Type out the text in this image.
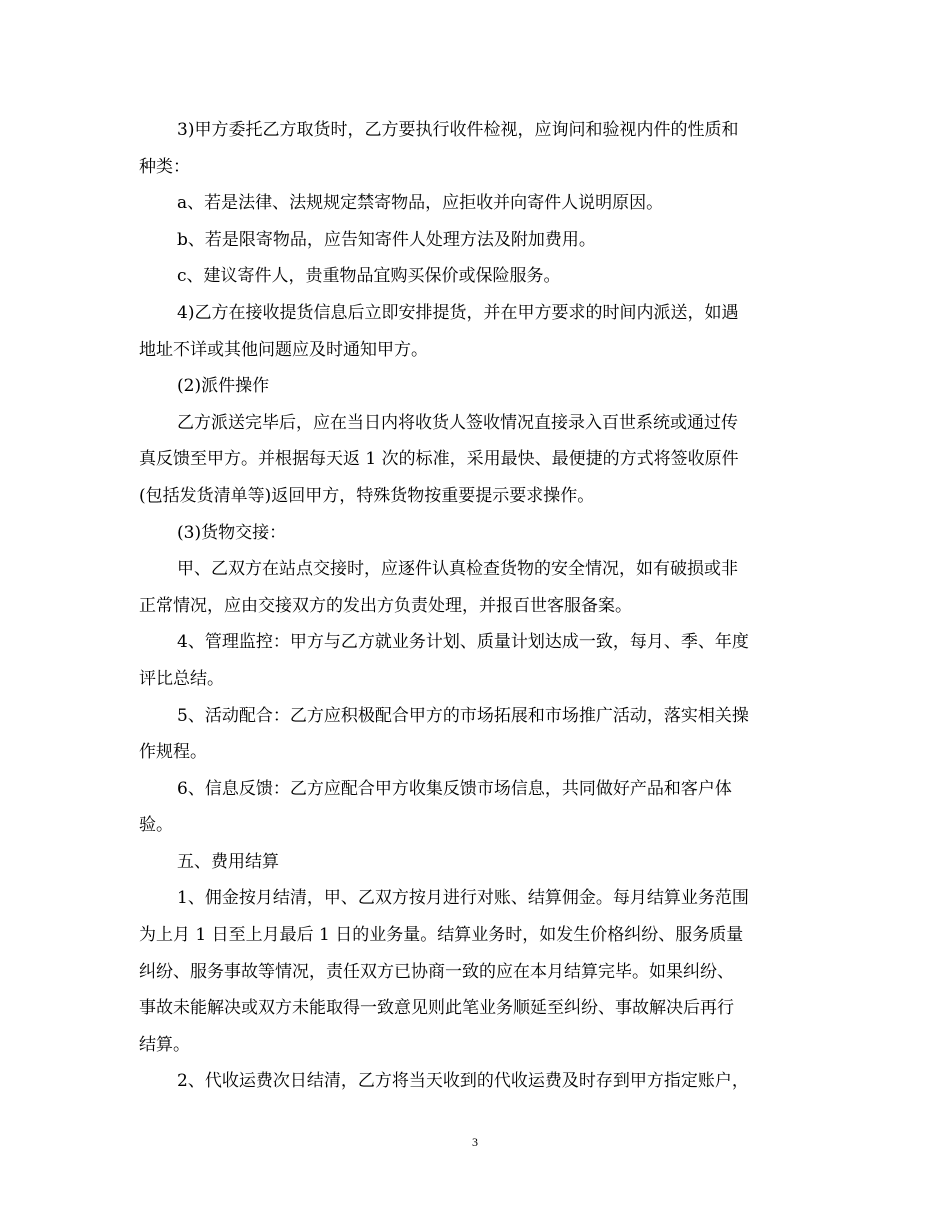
3)甲方委托乙方取货时，乙方要执行收件检视，应询问和验视内件的性质和
种类：
a、若是法律、法规规定禁寄物品，应拒收并向寄件人说明原因。
b、若是限寄物品，应告知寄件人处理方法及附加费用。
c、建议寄件人，贵重物品宜购买保价或保险服务。
4)乙方在接收提货信息后立即安排提货，并在甲方要求的时间内派送，如遇
地址不详或其他问题应及时通知甲方。
(2)派件操作
乙方派送完毕后，应在当日内将收货人签收情况直接录入百世系统或通过传
真反馈至甲方。并根据每天返 1 次的标准，采用最快、最便捷的方式将签收原件
(包括发货清单等)返回甲方，特殊货物按重要提示要求操作。
(3)货物交接：
甲、乙双方在站点交接时，应逐件认真检查货物的安全情况，如有破损或非
正常情况，应由交接双方的发出方负责处理，并报百世客服备案。
4、管理监控：甲方与乙方就业务计划、质量计划达成一致，每月、季、年度
评比总结。
5、活动配合：乙方应积极配合甲方的市场拓展和市场推广活动，落实相关操
作规程。
6、信息反馈：乙方应配合甲方收集反馈市场信息，共同做好产品和客户体
验。
五、费用结算
1、佣金按月结清，甲、乙双方按月进行对账、结算佣金。每月结算业务范围
为上月 1 日至上月最后 1 日的业务量。结算业务时，如发生价格纠纷、服务质量
纠纷、服务事故等情况，责任双方已协商一致的应在本月结算完毕。如果纠纷、
事故未能解决或双方未能取得一致意见则此笔业务顺延至纠纷、事故解决后再行
结算。
2、代收运费次日结清，乙方将当天收到的代收运费及时存到甲方指定账户，
3
